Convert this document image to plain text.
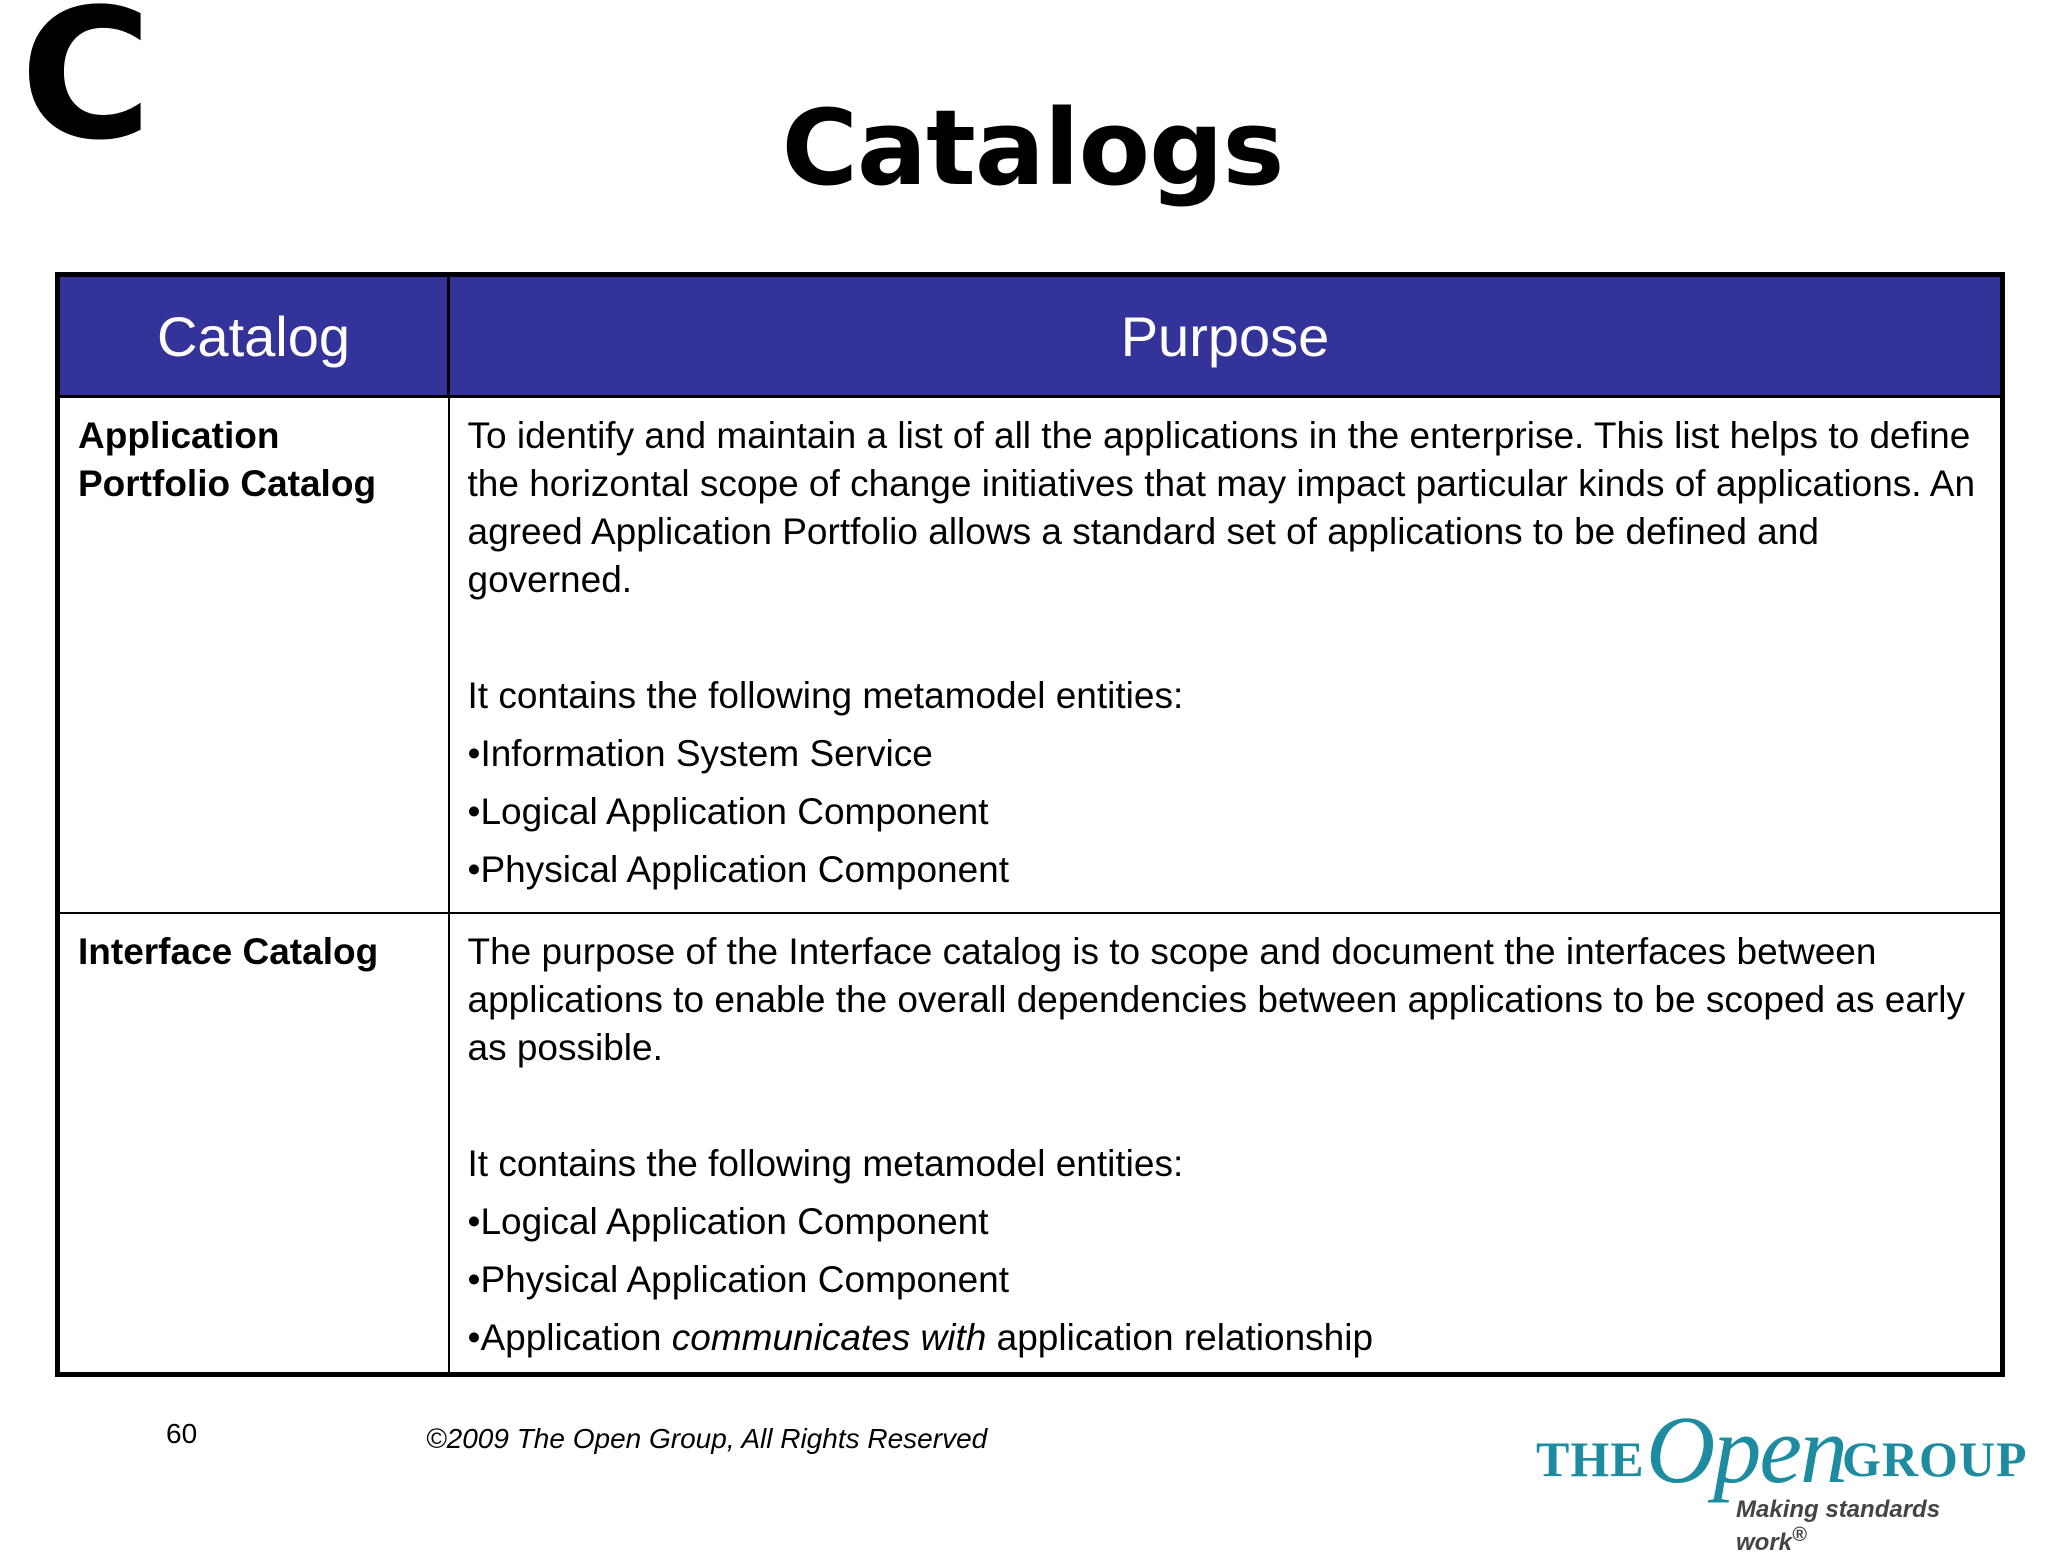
C	Catalogs
Catalog	Purpose
Application Portfolio Catalog	To identify and maintain a list of all the applications in the enterprise. This list helps to define the horizontal scope of change initiatives that may impact particular kinds of applications. An agreed Application Portfolio allows a standard set of applications to be defined and governed.

It contains the following metamodel entities:

•Information System Service

•Logical Application Component

•Physical Application Component

Interface Catalog	The purpose of the Interface catalog is to scope and document the interfaces between applications to enable the overall dependencies between applications to be scoped as early as possible.

It contains the following metamodel entities:

•Logical Application Component

•Physical Application Component

•Application communicates with application relationship

60	©2009 The Open Group, All Rights Reserved	THE Open
GROUP
Making standards work®
